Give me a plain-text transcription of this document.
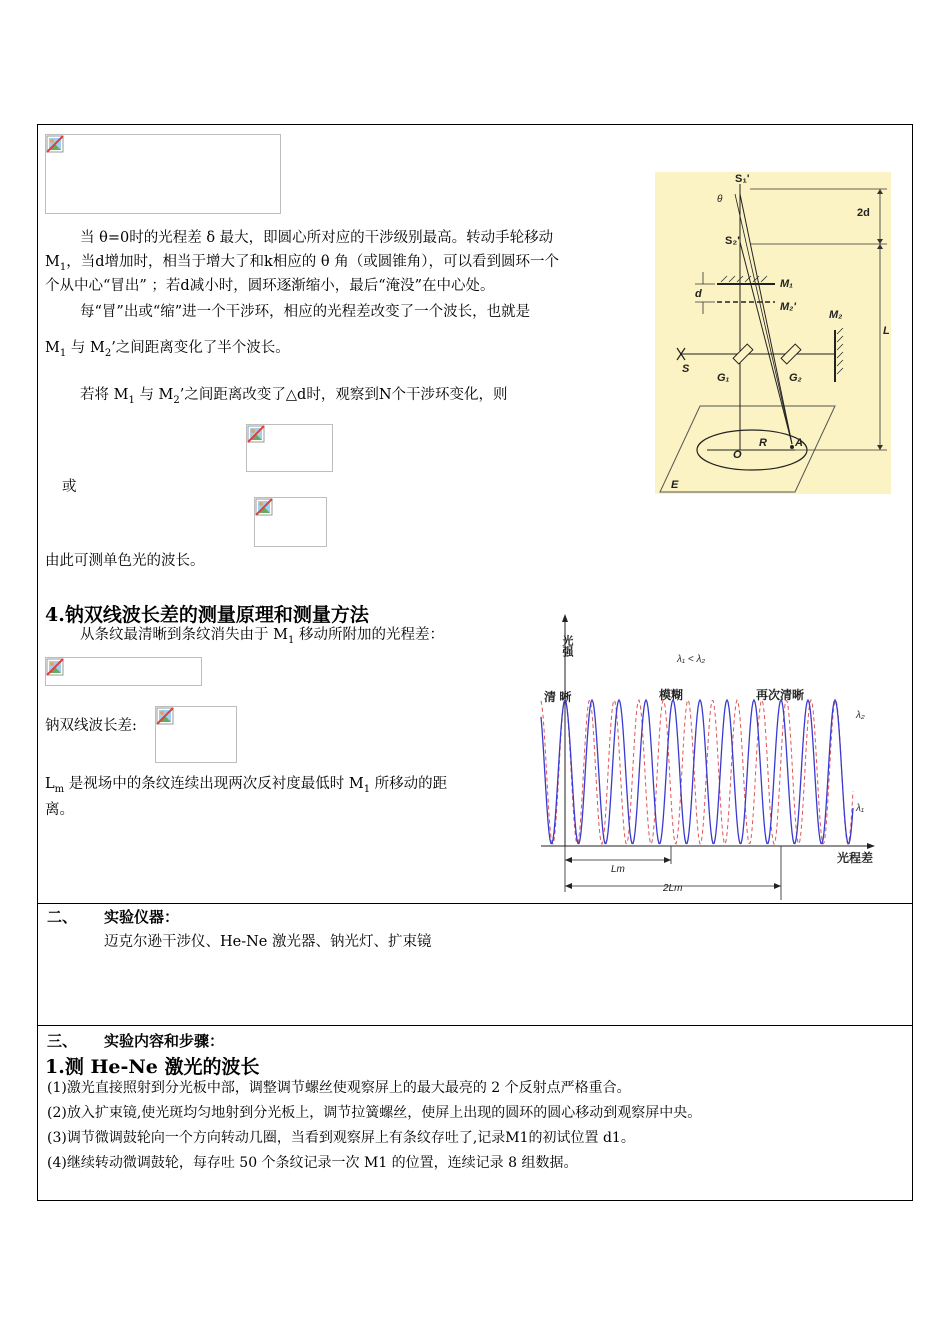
当 θ=0时的光程差 δ 最大，即圆心所对应的干涉级别最高。转动手轮移动
$M_1$，当d增加时，相当于增大了和k相应的 θ 角（或圆锥角），可以看到圆环一个
个从中心“冒出” ；若d减小时，圆环逐渐缩小，最后“淹没”在中心处。
每“冒”出或“缩”进一个干涉环，相应的光程差改变了一个波长，也就是
$M_1$ 与 $M_2$’之间距离变化了半个波长。
若将 $M_1$ 与 $M_2$’之间距离改变了△d时，观察到N个干涉环变化，则
或
由此可测单色光的波长。
S₁'
θ
2d
S₂'
d
M₁
M₂'
M₂
L
S
G₁	G₂
R	A
O
E
4.钠双线波长差的测量原理和测量方法
从条纹最清晰到条纹消失由于 $M_1$ 移动所附加的光程差：
钠双线波长差:
$L_m$ 是视场中的条纹连续出现两次反衬度最低时 $M_1$ 所移动的距
离。
光强
λ₁ < λ₂
清 晰	模糊	再次清晰
λ₂
λ₁
Lm
2Lm
光程差
二、 实验仪器：
迈克尔逊干涉仪、He-Ne 激光器、钠光灯、扩束镜
三、 实验内容和步骤：
1.测 He-Ne 激光的波长
(1)激光直接照射到分光板中部，调整调节螺丝使观察屏上的最大最亮的 2 个反射点严格重合。
(2)放入扩束镜,使光斑均匀地射到分光板上，调节拉簧螺丝，使屏上出现的圆环的圆心移动到观察屏中央。
(3)调节微调鼓轮向一个方向转动几圈，当看到观察屏上有条纹存吐了,记录M1的初试位置 d1。
(4)继续转动微调鼓轮，每存吐 50 个条纹记录一次 M1 的位置，连续记录 8 组数据。
